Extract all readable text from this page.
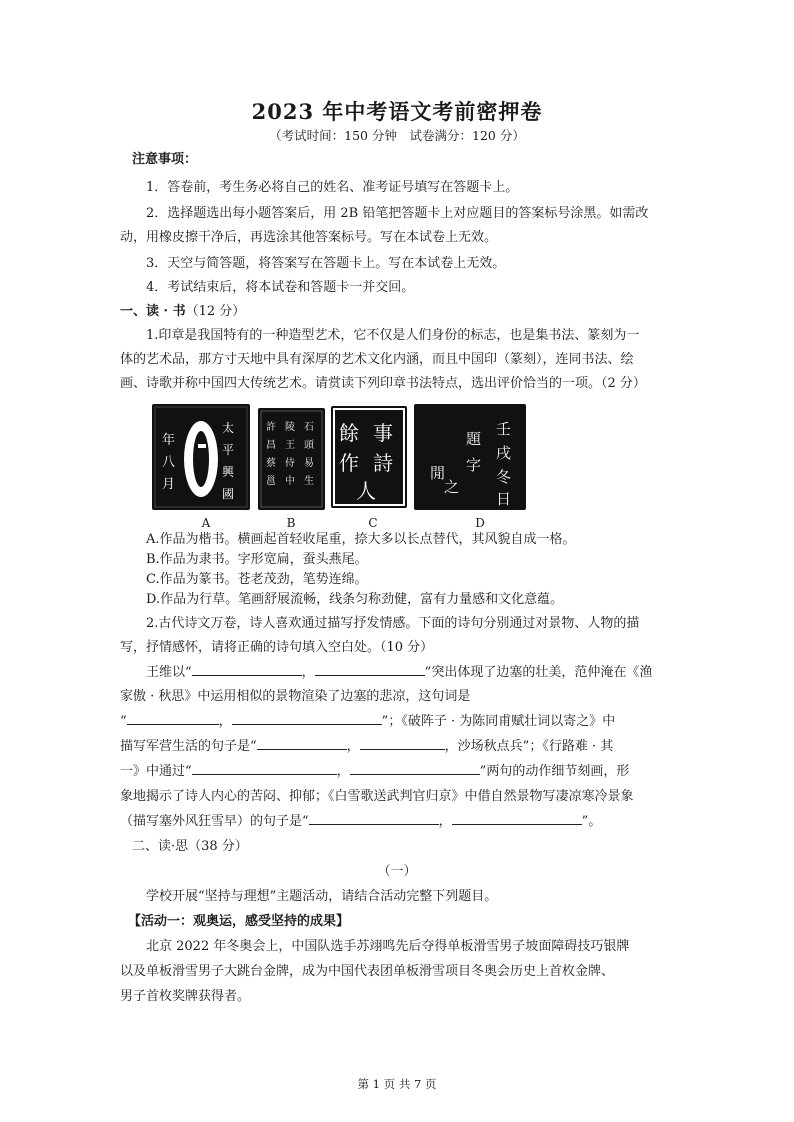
2023 年中考语文考前密押卷
（考试时间：150 分钟　试卷满分：120 分）
注意事项：
1．答卷前，考生务必将自己的姓名、准考证号填写在答题卡上。
2．选择题选出每小题答案后，用 2B 铅笔把答题卡上对应题目的答案标号涂黑。如需改
动，用橡皮擦干净后，再选涂其他答案标号。写在本试卷上无效。
3．天空与简答题，将答案写在答题卡上。写在本试卷上无效。
4．考试结束后，将本试卷和答题卡一并交回。
一、读 · 书（12 分）
1.印章是我国特有的一种造型艺术，它不仅是人们身份的标志，也是集书法、篆刻为一
体的艺术品，那方寸天地中具有深厚的艺术文化内涵，而且中国印（篆刻），连同书法、绘
画、诗歌并称中国四大传统艺术。请赏读下列印章书法特点，选出评价恰当的一项。（2 分）
年
八
月
太
平
興
國
許
昌
蔡
邕
陵
王
侍
中
石
頭
易
生
餘 事
作 詩
人
壬
戌
冬
日
題
字
閒
之
A	B	C	D
A.作品为楷书。横画起首轻收尾重，捺大多以长点替代，其风貌自成一格。
B.作品为隶书。字形宽扁，蚕头燕尾。
C.作品为篆书。苍老茂劲，笔势连绵。
D.作品为行草。笔画舒展流畅，线条匀称劲健，富有力量感和文化意蕴。
2.古代诗文万卷，诗人喜欢通过描写抒发情感。下面的诗句分别通过对景物、人物的描
写，抒情感怀，请将正确的诗句填入空白处。（10 分）
王维以“	，	”突出体现了边塞的壮美，范仲淹在《渔
家傲 · 秋思》中运用相似的景物渲染了边塞的悲凉，这句词是
“	，	”；《破阵子 · 为陈同甫赋壮词以寄之》中
描写军营生活的句子是“	，	，沙场秋点兵”；《行路难 · 其
一》中通过“	，	”两句的动作细节刻画，形
象地揭示了诗人内心的苦闷、抑郁；《白雪歌送武判官归京》中借自然景物写凄凉寒冷景象
（描写塞外风狂雪早）的句子是“	，	”。
二、读·思（38 分）
（一）
学校开展“坚持与理想”主题活动，请结合活动完整下列题目。
【活动一：观奥运，感受坚持的成果】
北京 2022 年冬奥会上，中国队选手苏翊鸣先后夺得单板滑雪男子坡面障碍技巧银牌
以及单板滑雪男子大跳台金牌，成为中国代表团单板滑雪项目冬奥会历史上首枚金牌、
男子首枚奖牌获得者。
第 1 页 共 7 页
